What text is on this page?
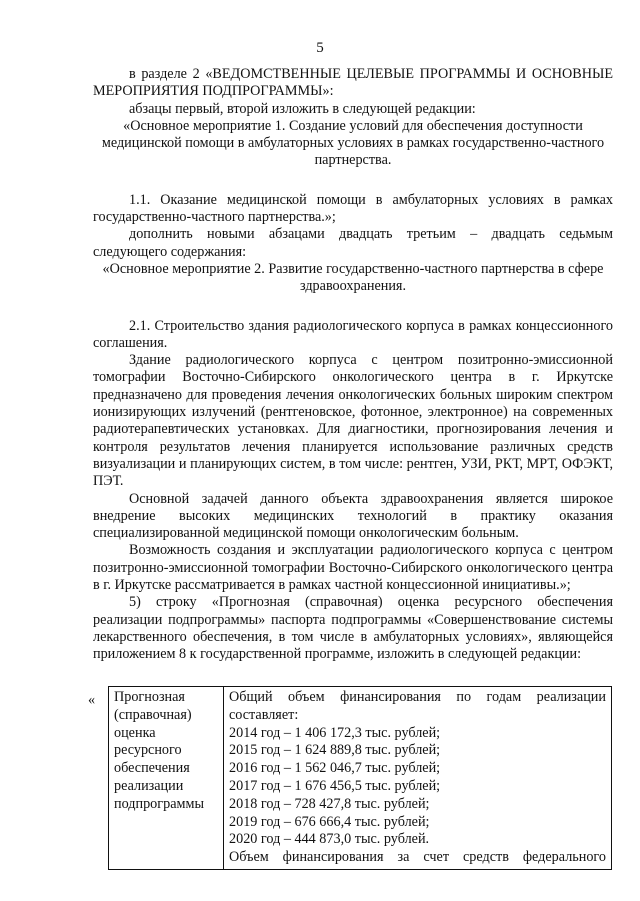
5

в разделе 2 «ВЕДОМСТВЕННЫЕ ЦЕЛЕВЫЕ ПРОГРАММЫ И ОСНОВНЫЕ МЕРОПРИЯТИЯ ПОДПРОГРАММЫ»:

абзацы первый, второй изложить в следующей редакции:

«Основное мероприятие 1. Создание условий для обеспечения доступности медицинской помощи в амбулаторных условиях в рамках государственно-частного партнерства.

1.1. Оказание медицинской помощи в амбулаторных условиях в рамках государственно-частного партнерства.»;

дополнить новыми абзацами двадцать третьим – двадцать седьмым следующего содержания:

«Основное мероприятие 2. Развитие государственно-частного партнерства в сфере здравоохранения.

2.1. Строительство здания радиологического корпуса в рамках концессионного соглашения.

Здание радиологического корпуса с центром позитронно-эмиссионной томографии Восточно-Сибирского онкологического центра в г. Иркутске предназначено для проведения лечения онкологических больных широким спектром ионизирующих излучений (рентгеновское, фотонное, электронное) на современных радиотерапевтических установках. Для диагностики, прогнозирования лечения и контроля результатов лечения планируется использование различных средств визуализации и планирующих систем, в том числе: рентген, УЗИ, РКТ, МРТ, ОФЭКТ, ПЭТ.

Основной задачей данного объекта здравоохранения является широкое внедрение высоких медицинских технологий в практику оказания специализированной медицинской помощи онкологическим больным.

Возможность создания и эксплуатации радиологического корпуса с центром позитронно-эмиссионной томографии Восточно-Сибирского онкологического центра в г. Иркутске рассматривается в рамках частной концессионной инициативы.»;

5) строку «Прогнозная (справочная) оценка ресурсного обеспечения реализации подпрограммы» паспорта подпрограммы «Совершенствование системы лекарственного обеспечения, в том числе в амбулаторных условиях», являющейся приложением 8 к государственной программе, изложить в следующей редакции:

« Прогнозная (справочная) оценка ресурсного обеспечения реализации подпрограммы	
Общий объем финансирования по годам реализации составляет:
2014 год – 1 406 172,3 тыс. рублей;
2015 год – 1 624 889,8 тыс. рублей;
2016 год – 1 562 046,7 тыс. рублей;
2017 год – 1 676 456,5 тыс. рублей;
2018 год – 728 427,8 тыс. рублей;
2019 год – 676 666,4 тыс. рублей;
2020 год – 444 873,0 тыс. рублей.
Объем финансирования за счет средств федерального
